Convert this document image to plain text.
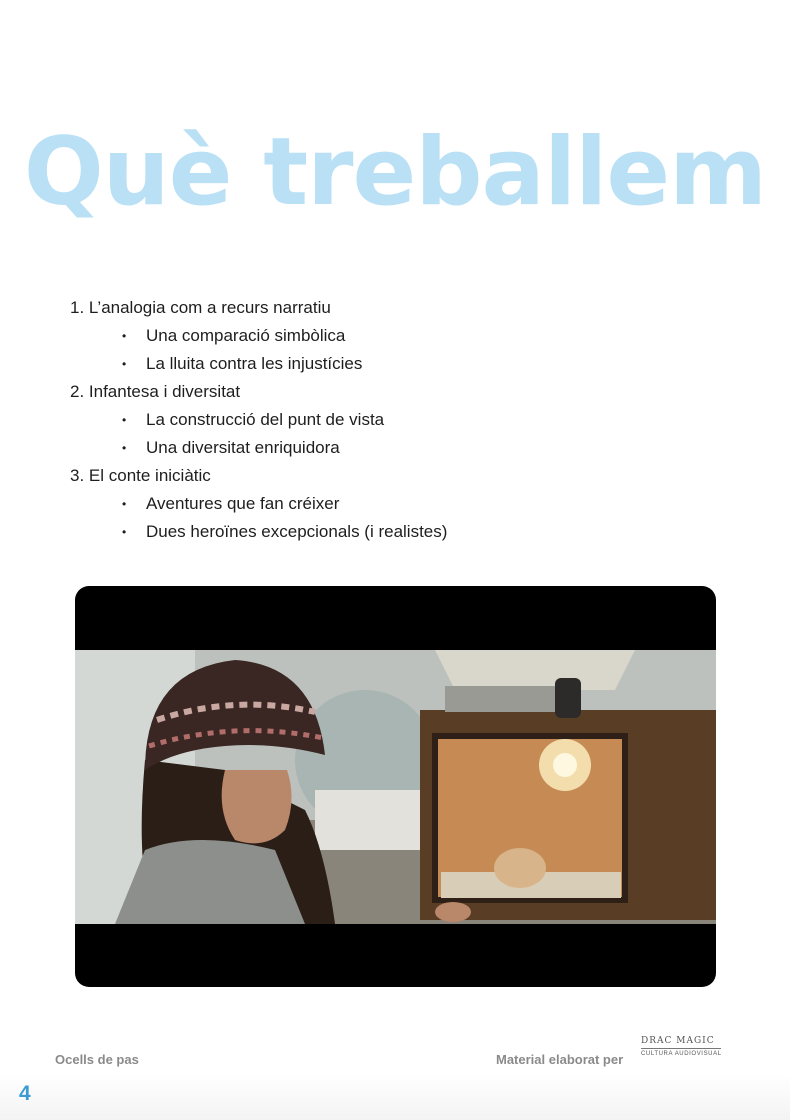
Què treballem
1. L’analogia com a recurs narratiu
• Una comparació simbòlica
• La lluita contra les injustícies
2. Infantesa i diversitat
• La construcció del punt de vista
• Una diversitat enriquidora
3. El conte iniciàtic
• Aventures que fan créixer
• Dues heroïnes excepcionals (i realistes)
Ocells de pas	Material elaborat per
DRAC MAGIC
CULTURA AUDIOVISUAL
4
